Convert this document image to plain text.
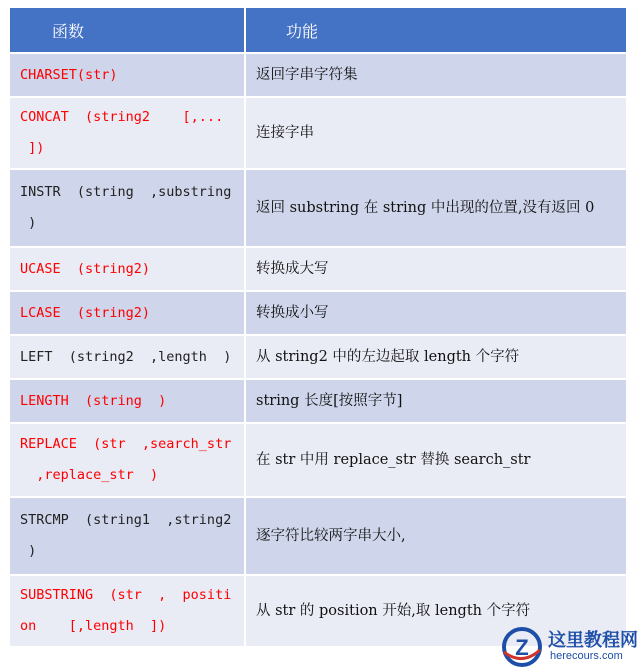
函数	功能
CHARSET(str)	返回字串字符集
CONCAT  (string2    [,...
])	连接字串
INSTR  (string  ,substring
)	返回 substring 在 string 中出现的位置,没有返回 0
UCASE  (string2)	转换成大写
LCASE  (string2)	转换成小写
LEFT  (string2  ,length  )	从 string2 中的左边起取 length 个字符
LENGTH  (string  )	string 长度[按照字节]
REPLACE  (str  ,search_str
,replace_str  )	在 str 中用 replace_str 替换 search_str
STRCMP  (string1  ,string2
)	逐字符比较两字串大小,
SUBSTRING  (str  ,  positi
on    [,length  ])	从 str 的 position 开始,取 length 个字符
Z 这里教程网
herecours.com
